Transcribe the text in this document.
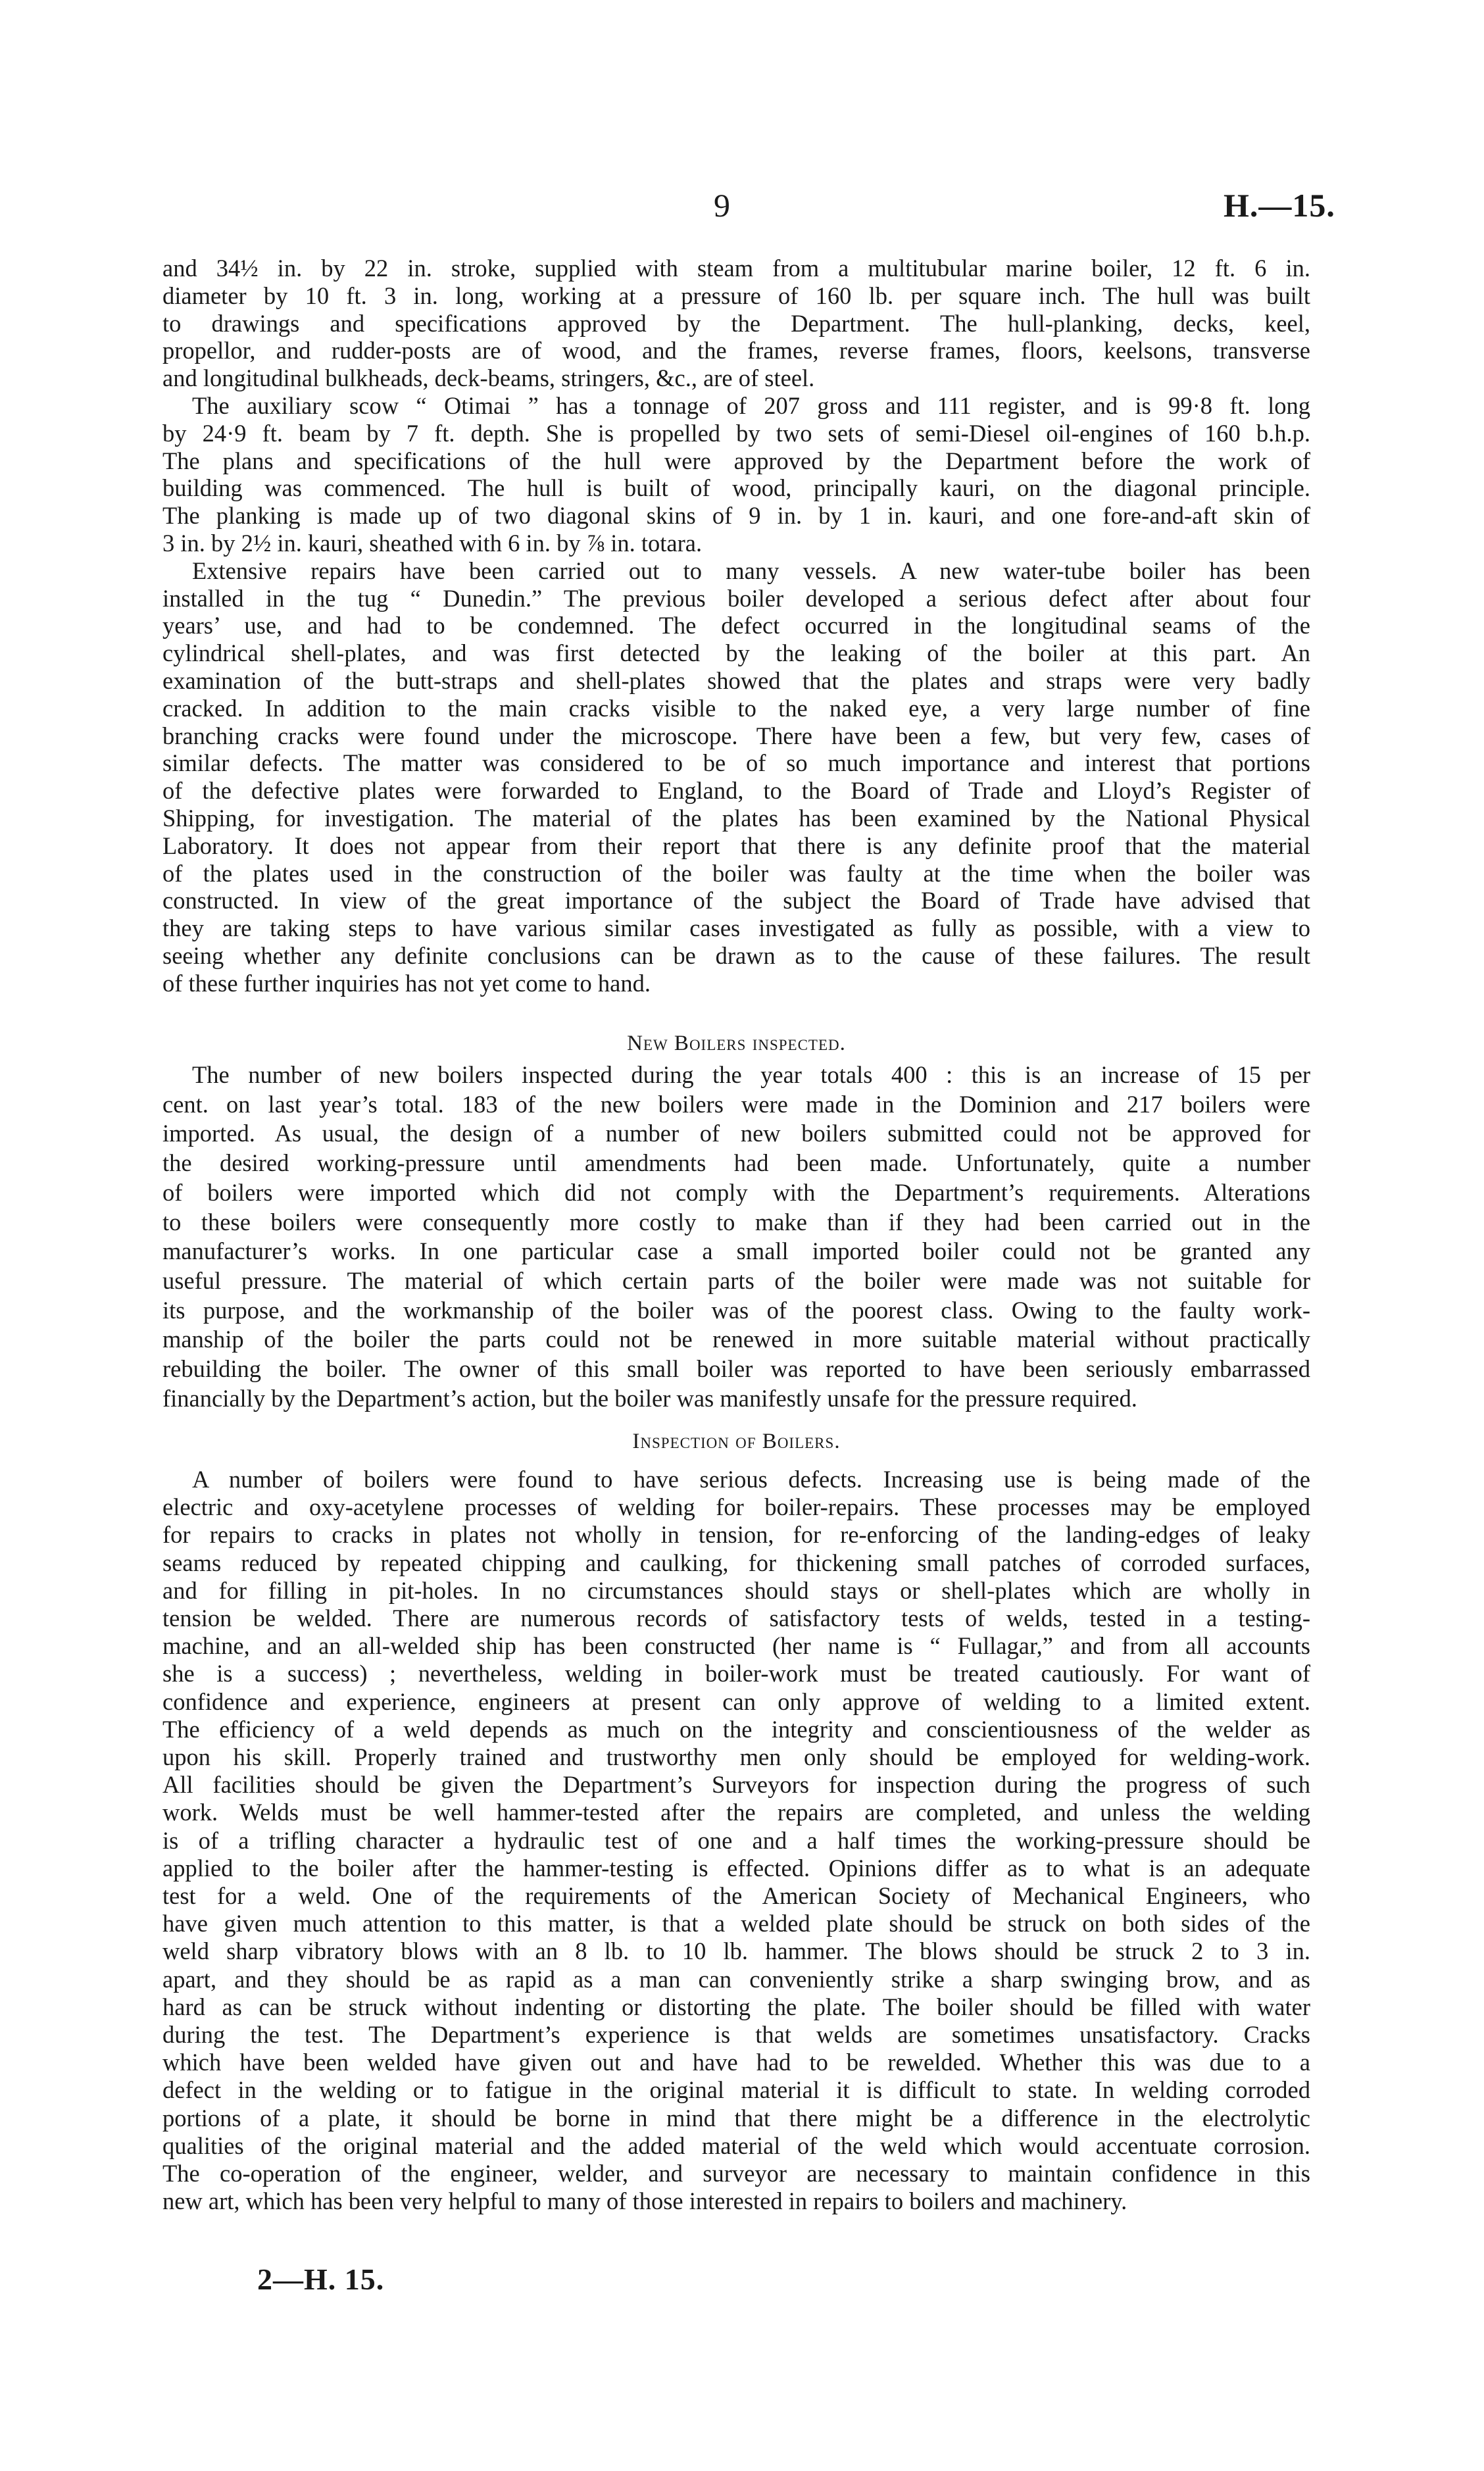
9	H.—15.
and 34½ in. by 22 in. stroke, supplied with steam from a multitubular marine boiler, 12 ft. 6 in.
diameter by 10 ft. 3 in. long, working at a pressure of 160 lb. per square inch. The hull was built
to drawings and specifications approved by the Department. The hull-planking, decks, keel,
propellor, and rudder-posts are of wood, and the frames, reverse frames, floors, keelsons, transverse
and longitudinal bulkheads, deck-beams, stringers, &c., are of steel.
The auxiliary scow “ Otimai ” has a tonnage of 207 gross and 111 register, and is 99·8 ft. long
by 24·9 ft. beam by 7 ft. depth. She is propelled by two sets of semi-Diesel oil-engines of 160 b.h.p.
The plans and specifications of the hull were approved by the Department before the work of
building was commenced. The hull is built of wood, principally kauri, on the diagonal principle.
The planking is made up of two diagonal skins of 9 in. by 1 in. kauri, and one fore-and-aft skin of
3 in. by 2½ in. kauri, sheathed with 6 in. by ⅞ in. totara.
Extensive repairs have been carried out to many vessels. A new water-tube boiler has been
installed in the tug “ Dunedin.” The previous boiler developed a serious defect after about four
years’ use, and had to be condemned. The defect occurred in the longitudinal seams of the
cylindrical shell-plates, and was first detected by the leaking of the boiler at this part. An
examination of the butt-straps and shell-plates showed that the plates and straps were very badly
cracked. In addition to the main cracks visible to the naked eye, a very large number of fine
branching cracks were found under the microscope. There have been a few, but very few, cases of
similar defects. The matter was considered to be of so much importance and interest that portions
of the defective plates were forwarded to England, to the Board of Trade and Lloyd’s Register of
Shipping, for investigation. The material of the plates has been examined by the National Physical
Laboratory. It does not appear from their report that there is any definite proof that the material
of the plates used in the construction of the boiler was faulty at the time when the boiler was
constructed. In view of the great importance of the subject the Board of Trade have advised that
they are taking steps to have various similar cases investigated as fully as possible, with a view to
seeing whether any definite conclusions can be drawn as to the cause of these failures. The result
of these further inquiries has not yet come to hand.
New Boilers inspected.
The number of new boilers inspected during the year totals 400 : this is an increase of 15 per
cent. on last year’s total. 183 of the new boilers were made in the Dominion and 217 boilers were
imported. As usual, the design of a number of new boilers submitted could not be approved for
the desired working-pressure until amendments had been made. Unfortunately, quite a number
of boilers were imported which did not comply with the Department’s requirements. Alterations
to these boilers were consequently more costly to make than if they had been carried out in the
manufacturer’s works. In one particular case a small imported boiler could not be granted any
useful pressure. The material of which certain parts of the boiler were made was not suitable for
its purpose, and the workmanship of the boiler was of the poorest class. Owing to the faulty work-
manship of the boiler the parts could not be renewed in more suitable material without practically
rebuilding the boiler. The owner of this small boiler was reported to have been seriously embarrassed
financially by the Department’s action, but the boiler was manifestly unsafe for the pressure required.
Inspection of Boilers.
A number of boilers were found to have serious defects. Increasing use is being made of the
electric and oxy-acetylene processes of welding for boiler-repairs. These processes may be employed
for repairs to cracks in plates not wholly in tension, for re-enforcing of the landing-edges of leaky
seams reduced by repeated chipping and caulking, for thickening small patches of corroded surfaces,
and for filling in pit-holes. In no circumstances should stays or shell-plates which are wholly in
tension be welded. There are numerous records of satisfactory tests of welds, tested in a testing-
machine, and an all-welded ship has been constructed (her name is “ Fullagar,” and from all accounts
she is a success) ; nevertheless, welding in boiler-work must be treated cautiously. For want of
confidence and experience, engineers at present can only approve of welding to a limited extent.
The efficiency of a weld depends as much on the integrity and conscientiousness of the welder as
upon his skill. Properly trained and trustworthy men only should be employed for welding-work.
All facilities should be given the Department’s Surveyors for inspection during the progress of such
work. Welds must be well hammer-tested after the repairs are completed, and unless the welding
is of a trifling character a hydraulic test of one and a half times the working-pressure should be
applied to the boiler after the hammer-testing is effected. Opinions differ as to what is an adequate
test for a weld. One of the requirements of the American Society of Mechanical Engineers, who
have given much attention to this matter, is that a welded plate should be struck on both sides of the
weld sharp vibratory blows with an 8 lb. to 10 lb. hammer. The blows should be struck 2 to 3 in.
apart, and they should be as rapid as a man can conveniently strike a sharp swinging brow, and as
hard as can be struck without indenting or distorting the plate. The boiler should be filled with water
during the test. The Department’s experience is that welds are sometimes unsatisfactory. Cracks
which have been welded have given out and have had to be rewelded. Whether this was due to a
defect in the welding or to fatigue in the original material it is difficult to state. In welding corroded
portions of a plate, it should be borne in mind that there might be a difference in the electrolytic
qualities of the original material and the added material of the weld which would accentuate corrosion.
The co-operation of the engineer, welder, and surveyor are necessary to maintain confidence in this
new art, which has been very helpful to many of those interested in repairs to boilers and machinery.
2—H. 15.
